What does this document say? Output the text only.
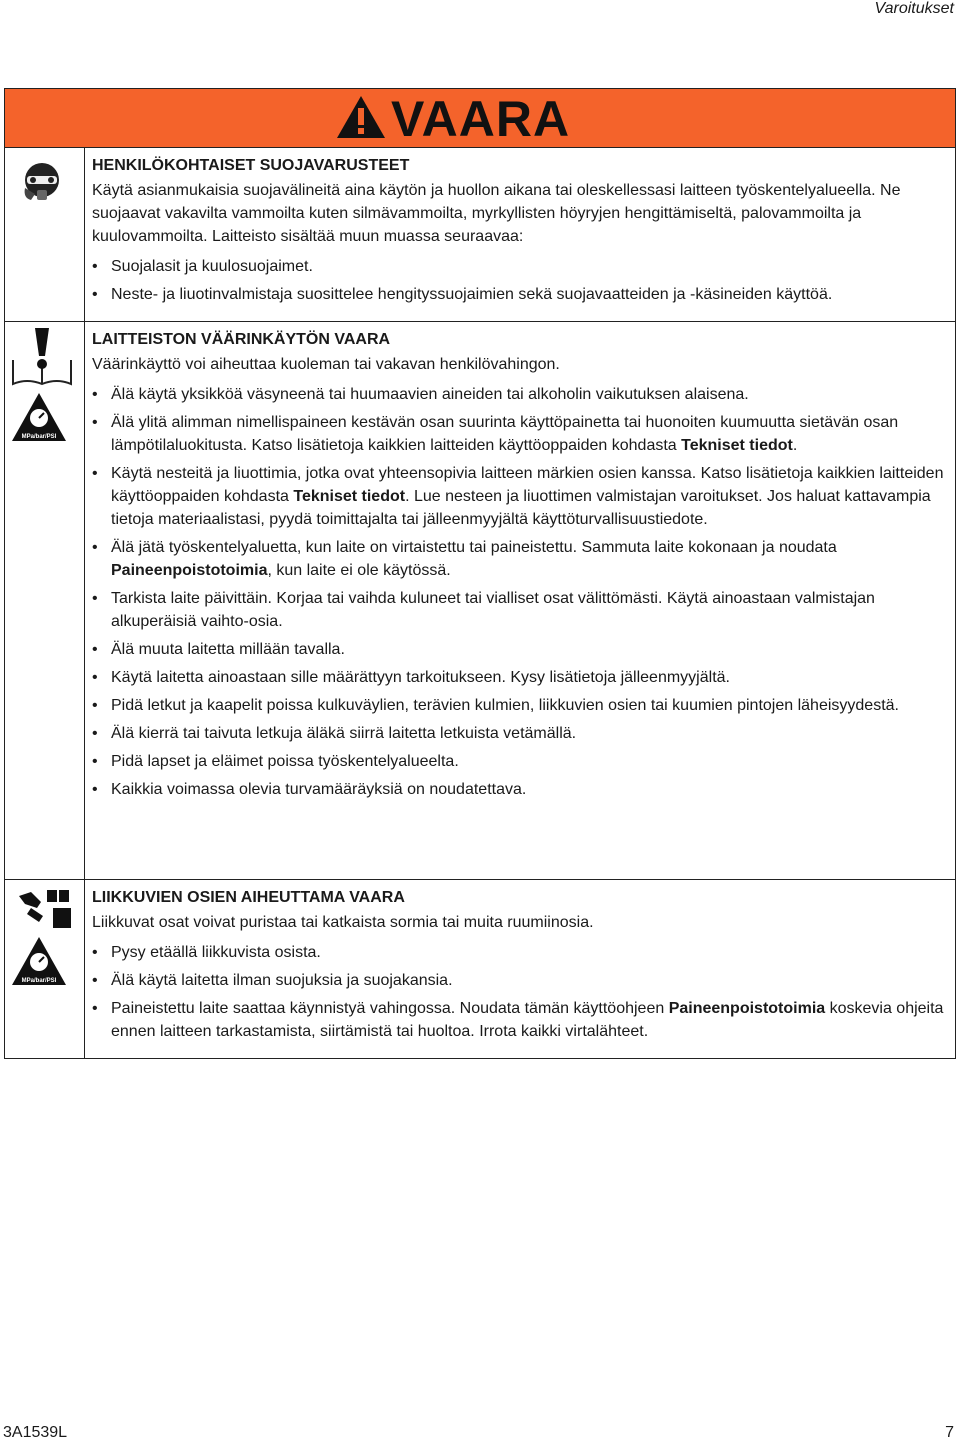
Varoitukset
VAARA
HENKILÖKOHTAISET SUOJAVARUSTEET
Käytä asianmukaisia suojavälineitä aina käytön ja huollon aikana tai oleskellessasi laitteen työskentelyalueella. Ne suojaavat vakavilta vammoilta kuten silmävammoilta, myrkyllisten höyryjen hengittämiseltä, palovammoilta ja kuulovammoilta. Laitteisto sisältää muun muassa seuraavaa:
• Suojalasit ja kuulosuojaimet.
• Neste- ja liuotinvalmistaja suosittelee hengityssuojaimien sekä suojavaatteiden ja -käsineiden käyttöä.
MPa/bar/PSI
LAITTEISTON VÄÄRINKÄYTÖN VAARA
Väärinkäyttö voi aiheuttaa kuoleman tai vakavan henkilövahingon.
• Älä käytä yksikköä väsyneenä tai huumaavien aineiden tai alkoholin vaikutuksen alaisena.
• Älä ylitä alimman nimellispaineen kestävän osan suurinta käyttöpainetta tai huonoiten kuumuutta sietävän osan lämpötilaluokitusta. Katso lisätietoja kaikkien laitteiden käyttöoppaiden kohdasta Tekniset tiedot.
• Käytä nesteitä ja liuottimia, jotka ovat yhteensopivia laitteen märkien osien kanssa. Katso lisätietoja kaikkien laitteiden käyttöoppaiden kohdasta Tekniset tiedot. Lue nesteen ja liuottimen valmistajan varoitukset. Jos haluat kattavampia tietoja materiaalistasi, pyydä toimittajalta tai jälleenmyyjältä käyttöturvallisuustiedote.
• Älä jätä työskentelyaluetta, kun laite on virtaistettu tai paineistettu. Sammuta laite kokonaan ja noudata Paineenpoistotoimia, kun laite ei ole käytössä.
• Tarkista laite päivittäin. Korjaa tai vaihda kuluneet tai vialliset osat välittömästi. Käytä ainoastaan valmistajan alkuperäisiä vaihto-osia.
• Älä muuta laitetta millään tavalla.
• Käytä laitetta ainoastaan sille määrättyyn tarkoitukseen. Kysy lisätietoja jälleenmyyjältä.
• Pidä letkut ja kaapelit poissa kulkuväylien, terävien kulmien, liikkuvien osien tai kuumien pintojen läheisyydestä.
• Älä kierrä tai taivuta letkuja äläkä siirrä laitetta letkuista vetämällä.
• Pidä lapset ja eläimet poissa työskentelyalueelta.
• Kaikkia voimassa olevia turvamääräyksiä on noudatettava.
MPa/bar/PSI
LIIKKUVIEN OSIEN AIHEUTTAMA VAARA
Liikkuvat osat voivat puristaa tai katkaista sormia tai muita ruumiinosia.
• Pysy etäällä liikkuvista osista.
• Älä käytä laitetta ilman suojuksia ja suojakansia.
• Paineistettu laite saattaa käynnistyä vahingossa. Noudata tämän käyttöohjeen Paineenpoistotoimia koskevia ohjeita ennen laitteen tarkastamista, siirtämistä tai huoltoa. Irrota kaikki virtalähteet.
3A1539L	7
